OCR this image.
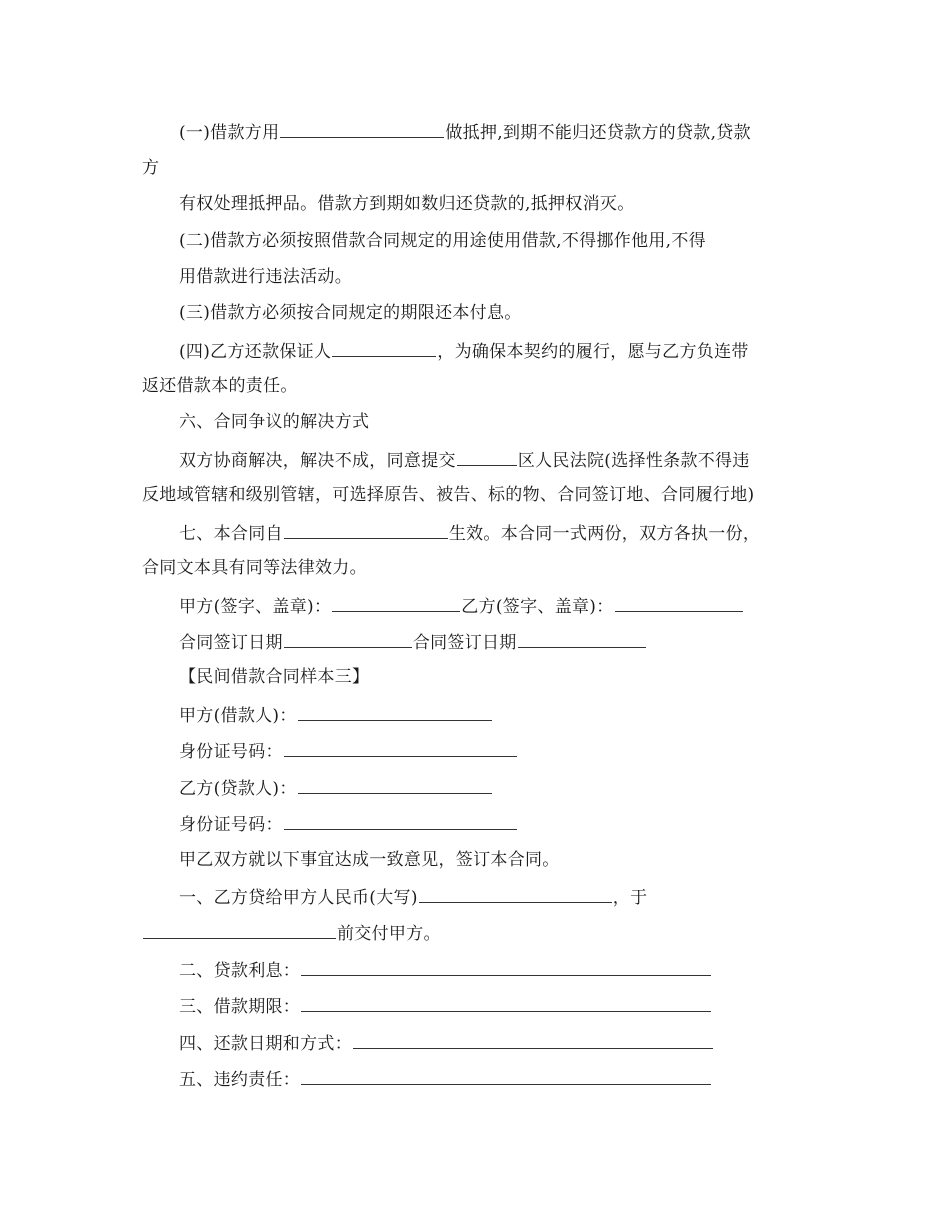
(一)借款方用	做抵押,到期不能归还贷款方的贷款,贷款
方
有权处理抵押品。借款方到期如数归还贷款的,抵押权消灭。
(二)借款方必须按照借款合同规定的用途使用借款,不得挪作他用,不得
用借款进行违法活动。
(三)借款方必须按合同规定的期限还本付息。
(四)乙方还款保证人	，为确保本契约的履行，愿与乙方负连带
返还借款本的责任。
六、合同争议的解决方式
双方协商解决，解决不成，同意提交	区人民法院(选择性条款不得违
反地域管辖和级别管辖，可选择原告、被告、标的物、合同签订地、合同履行地)
七、本合同自	生效。本合同一式两份，双方各执一份，
合同文本具有同等法律效力。
甲方(签字、盖章)：	乙方(签字、盖章)：
合同签订日期	合同签订日期
【民间借款合同样本三】
甲方(借款人)：
身份证号码：
乙方(贷款人)：
身份证号码：
甲乙双方就以下事宜达成一致意见，签订本合同。
一、乙方贷给甲方人民币(大写)	，于
前交付甲方。
二、贷款利息：
三、借款期限：
四、还款日期和方式：
五、违约责任：
